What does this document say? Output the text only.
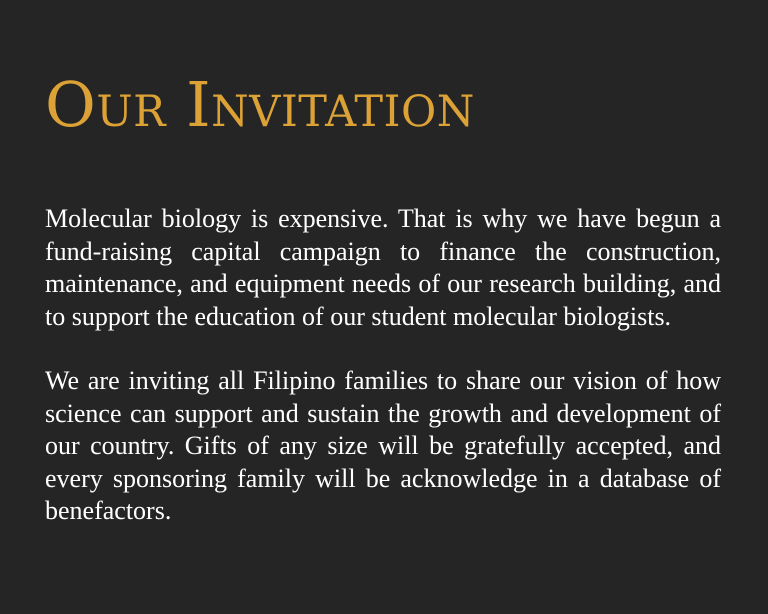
Our Invitation

Molecular biology is expensive. That is why we have begun a fund-raising capital campaign to finance the construction, maintenance, and equipment needs of our research building, and to support the education of our student molecular biologists.

We are inviting all Filipino families to share our vision of how science can support and sustain the growth and development of our country. Gifts of any size will be gratefully accepted, and every sponsoring family will be acknowledge in a database of benefactors.
